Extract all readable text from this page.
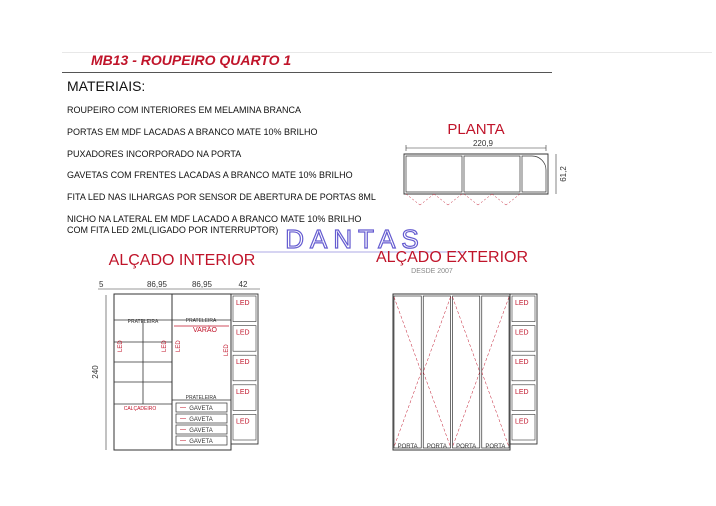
MB13 - ROUPEIRO QUARTO 1
MATERIAIS:
ROUPEIRO COM INTERIORES EM MELAMINA BRANCA
PORTAS EM MDF LACADAS A BRANCO MATE 10% BRILHO
PUXADORES INCORPORADO NA PORTA
GAVETAS COM FRENTES LACADAS A BRANCO MATE 10% BRILHO
FITA LED NAS ILHARGAS POR SENSOR DE ABERTURA DE PORTAS 8ML
NICHO NA LATERAL EM MDF LACADO A BRANCO MATE 10% BRILHO
COM FITA LED 2ML(LIGADO POR INTERRUPTOR) DANTAS
DESDE 2007
PLANTA
220,9
61,2
ALÇADO INTERIOR
5	86,95	86,95	42
240
PRATELEIRA
CALÇADEIRO
LED	LED LED
PRATELEIRA
VARÃO
LED
PRATELEIRA
GAVETA
GAVETA
GAVETA
GAVETA
LED
LED
LED
LED
LED
ALÇADO EXTERIOR
PORTA PORTA PORTA PORTA
LED
LED
LED
LED
LED
